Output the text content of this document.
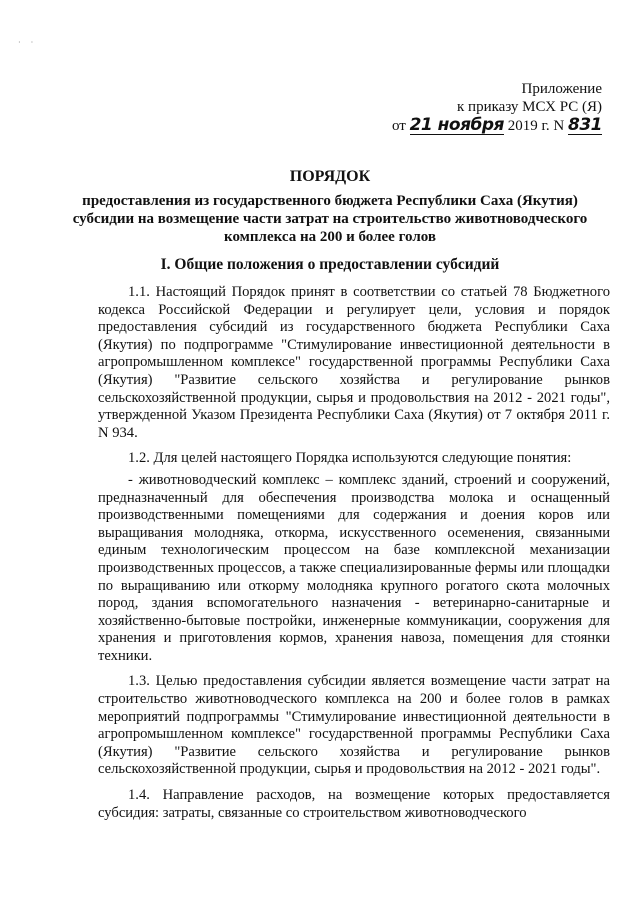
· ·
Приложение
к приказу МСХ РС (Я)
от 21 ноября 2019 г. N 831
ПОРЯДОК
предоставления из государственного бюджета Республики Саха (Якутия) субсидии на возмещение части затрат на строительство животноводческого комплекса на 200 и более голов
I. Общие положения о предоставлении субсидий

1.1. Настоящий Порядок принят в соответствии со статьей 78 Бюджетного кодекса Российской Федерации и регулирует цели, условия и порядок предоставления субсидий из государственного бюджета Республики Саха (Якутия) по подпрограмме "Стимулирование инвестиционной деятельности в агропромышленном комплексе" государственной программы Республики Саха (Якутия) "Развитие сельского хозяйства и регулирование рынков сельскохозяйственной продукции, сырья и продовольствия на 2012 - 2021 годы", утвержденной Указом Президента Республики Саха (Якутия) от 7 октября 2011 г. N 934.

1.2. Для целей настоящего Порядка используются следующие понятия:

- животноводческий комплекс – комплекс зданий, строений и сооружений, предназначенный для обеспечения производства молока и оснащенный производственными помещениями для содержания и доения коров или выращивания молодняка, откорма, искусственного осеменения, связанными единым технологическим процессом на базе комплексной механизации производственных процессов, а также специализированные фермы или площадки по выращиванию или откорму молодняка крупного рогатого скота молочных пород, здания вспомогательного назначения - ветеринарно-санитарные и хозяйственно-бытовые постройки, инженерные коммуникации, сооружения для хранения и приготовления кормов, хранения навоза, помещения для стоянки техники.

1.3. Целью предоставления субсидии является возмещение части затрат на строительство животноводческого комплекса на 200 и более голов в рамках мероприятий подпрограммы "Стимулирование инвестиционной деятельности в агропромышленном комплексе" государственной программы Республики Саха (Якутия) "Развитие сельского хозяйства и регулирование рынков сельскохозяйственной продукции, сырья и продовольствия на 2012 - 2021 годы".

1.4. Направление расходов, на возмещение которых предоставляется субсидия: затраты, связанные со строительством животноводческого
